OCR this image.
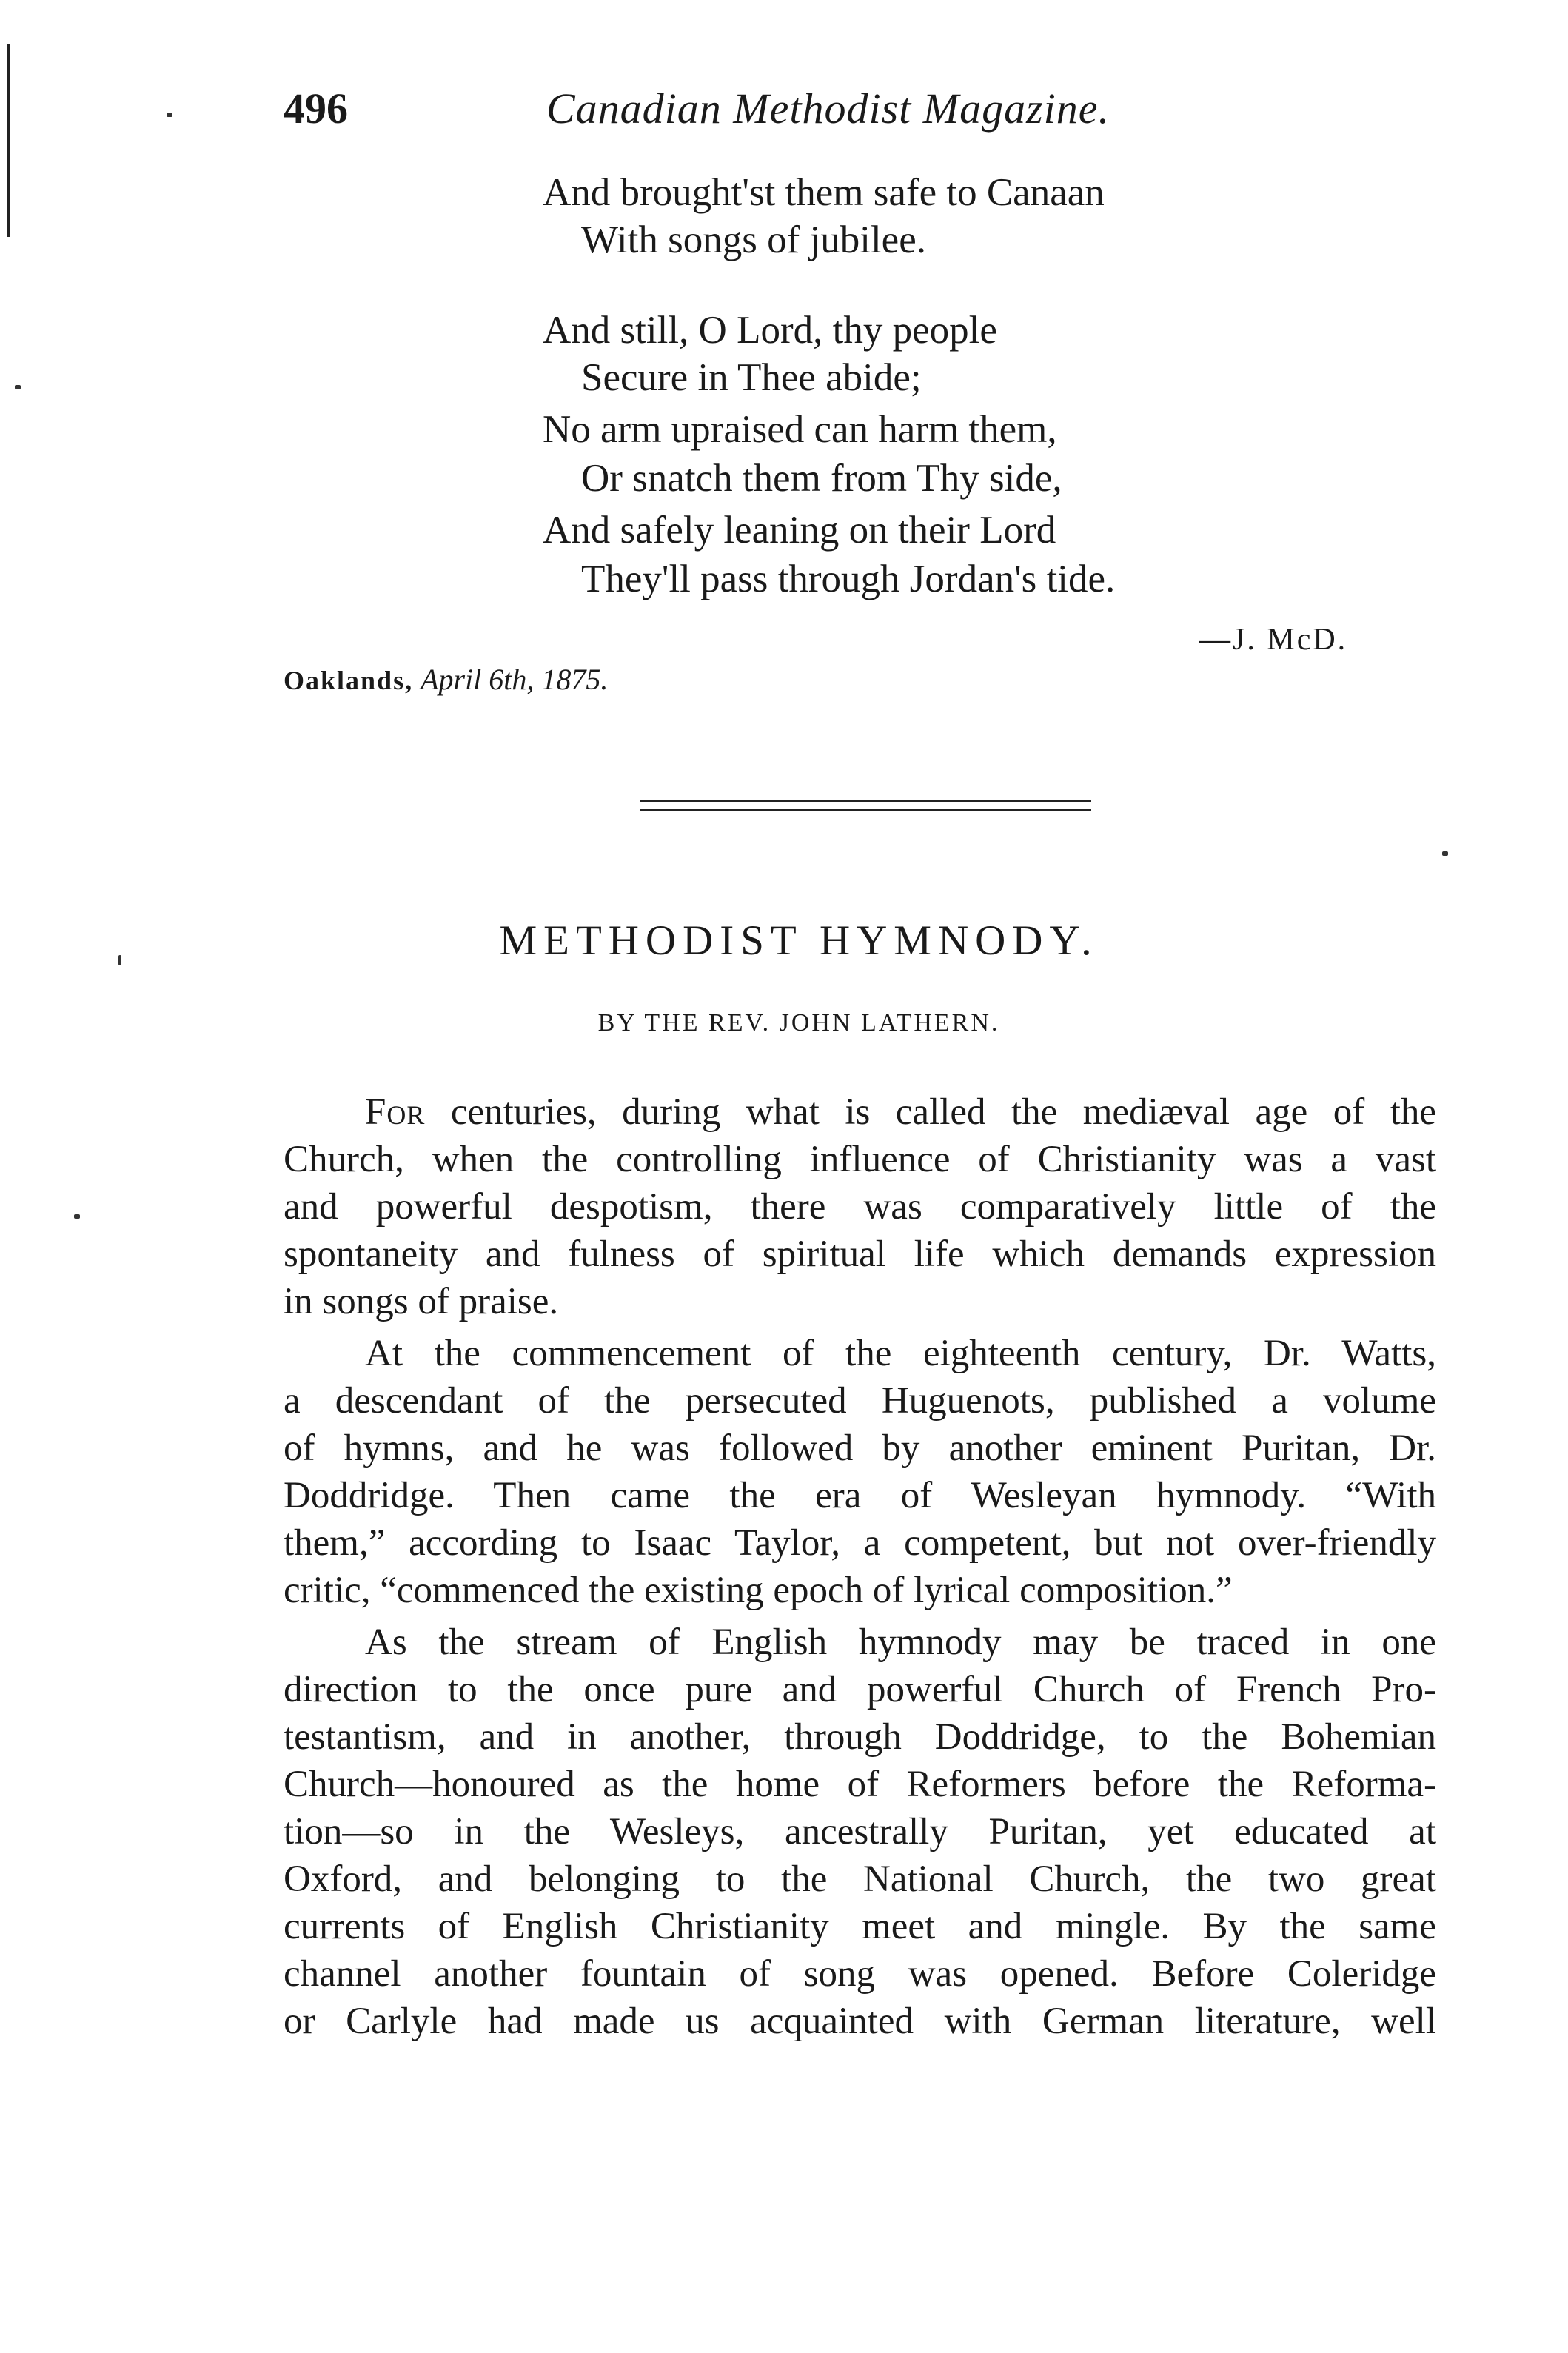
496	Canadian Methodist Magazine.
And brought'st them safe to Canaan
With songs of jubilee.
And still, O Lord, thy people
Secure in Thee abide;
No arm upraised can harm them,
Or snatch them from Thy side,
And safely leaning on their Lord
They'll pass through Jordan's tide.
—J. McD.
Oaklands, April 6th, 1875.
METHODIST HYMNODY.
BY THE REV. JOHN LATHERN.
For centuries, during what is called the mediæval age of the
Church, when the controlling influence of Christianity was a vast
and powerful despotism, there was comparatively little of the
spontaneity and fulness of spiritual life which demands expression
in songs of praise.
At the commencement of the eighteenth century, Dr. Watts,
a descendant of the persecuted Huguenots, published a volume
of hymns, and he was followed by another eminent Puritan, Dr.
Doddridge. Then came the era of Wesleyan hymnody. “With
them,” according to Isaac Taylor, a competent, but not over-friendly
critic, “commenced the existing epoch of lyrical composition.”
As the stream of English hymnody may be traced in one
direction to the once pure and powerful Church of French Pro-
testantism, and in another, through Doddridge, to the Bohemian
Church—honoured as the home of Reformers before the Reforma-
tion—so in the Wesleys, ancestrally Puritan, yet educated at
Oxford, and belonging to the National Church, the two great
currents of English Christianity meet and mingle. By the same
channel another fountain of song was opened. Before Coleridge
or Carlyle had made us acquainted with German literature, well
